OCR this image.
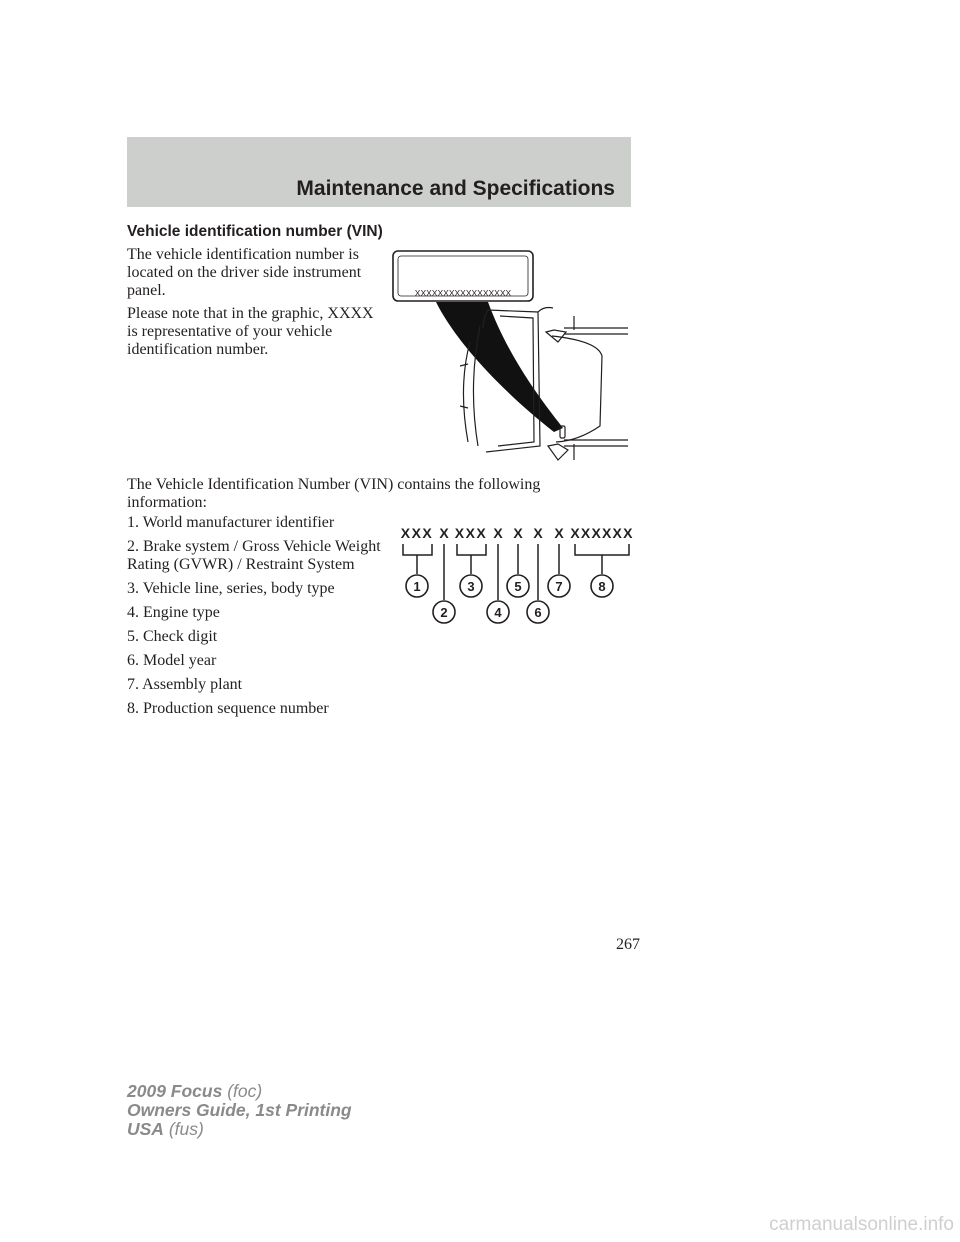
Maintenance and Specifications
Vehicle identification number (VIN)

The vehicle identification number is located on the driver side instrument panel.

Please note that in the graphic, XXXX is representative of your vehicle identification number.

XXXXXXXXXXXXXXXXX

The Vehicle Identification Number (VIN) contains the following information:

1. World manufacturer identifier
2. Brake system / Gross Vehicle Weight Rating (GVWR) / Restraint System
3. Vehicle line, series, body type
4. Engine type
5. Check digit
6. Model year
7. Assembly plant
8. Production sequence number
XXX X XXX X X X X XXXXXX
1
2
3
4
5
6
7	8
267
2009 Focus (foc)
Owners Guide, 1st Printing
USA (fus)
carmanualsonline.info
